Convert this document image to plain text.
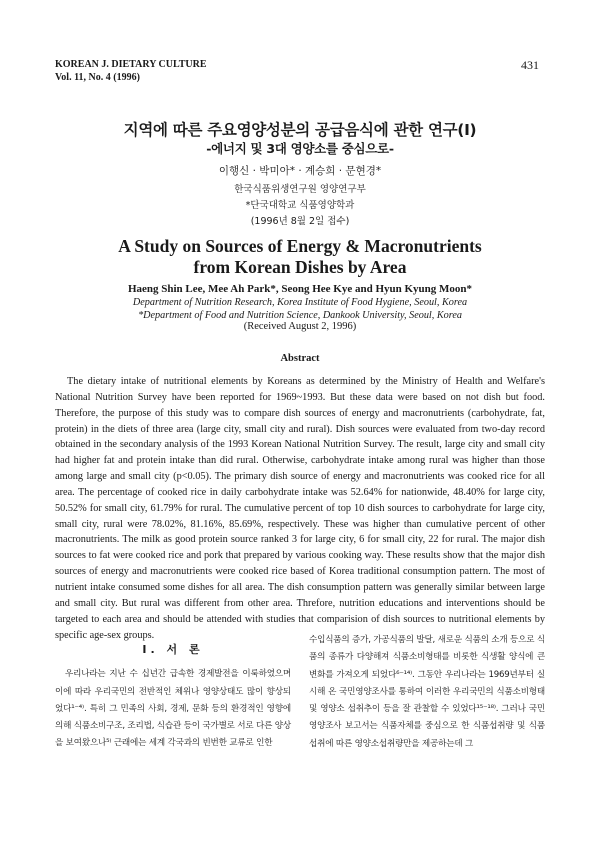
KOREAN J. DIETARY CULTURE
Vol. 11, No. 4 (1996)
431
지역에 따른 주요영양성분의 공급음식에 관한 연구(I)
-에너지 및 3대 영양소를 중심으로-
이행신 · 박미아* · 계승희 · 문현경*
한국식품위생연구원 영양연구부
*단국대학교 식품영양학과
(1996년 8월 2일 접수)
A Study on Sources of Energy & Macronutrients
from Korean Dishes by Area
Haeng Shin Lee, Mee Ah Park*, Seong Hee Kye and Hyun Kyung Moon*
Department of Nutrition Research, Korea Institute of Food Hygiene, Seoul, Korea
*Department of Food and Nutrition Science, Dankook University, Seoul, Korea
(Received August 2, 1996)
Abstract

The dietary intake of nutritional elements by Koreans as determined by the Ministry of Health and Welfare's National Nutrition Survey have been reported for 1969~1993. But these data were based on not dish but food. Therefore, the purpose of this study was to compare dish sources of energy and macronutrients (carbohydrate, fat, protein) in the diets of three area (large city, small city and rural). Dish sources were evaluated from two-day record obtained in the secondary analysis of the 1993 Korean National Nutrition Survey. The result, large city and small city had higher fat and protein intake than did rural. Otherwise, carbohydrate intake among rural was higher than those among large and small city (p<0.05). The primary dish source of energy and macronutrients was cooked rice for all area. The percentage of cooked rice in daily carbohydrate intake was 52.64% for nationwide, 48.40% for large city, 50.52% for small city, 61.79% for rural. The cumulative percent of top 10 dish sources to carbohydrate for large city, small city, rural were 78.02%, 81.16%, 85.69%, respectively. These was higher than cumulative percent of other macronutrients. The milk as good protein source ranked 3 for large city, 6 for small city, 22 for rural. The major dish sources to fat were cooked rice and pork that prepared by various cooking way. These results show that the major dish sources of energy and macronutrients were cooked rice based of Korea traditional consumption pattern. The most of nutrient intake consumed some dishes for all area. The dish consumption pattern was generally similar between large and small city. But rural was different from other area. Threfore, nutrition educations and interventions should be targeted to each area and should be attended with studies that comparision of dish sources to nutritional elements by specific age-sex groups.

I. 서 론

우리나라는 지난 수 십년간 급속한 경제발전을 이룩하였으며 이에 따라 우리국민의 전반적인 체위나 영양상태도 많이 향상되었다¹⁻⁴⁾. 특히 그 민족의 사회, 경제, 문화 등의 환경적인 영향에 의해 식품소비구조, 조리법, 식습관 등이 국가별로 서로 다른 양상을 보여왔으나⁵⁾ 근래에는 세계 각국과의 빈번한 교류로 인한

수입식품의 증가, 가공식품의 발달, 새로운 식품의 소개 등으로 식품의 종류가 다양해져 식품소비형태를 비롯한 식생활 양식에 큰 변화를 가져오게 되었다⁶⁻¹⁴⁾. 그동안 우리나라는 1969년부터 실시해 온 국민영양조사를 통하여 이러한 우리국민의 식품소비형태 및 영양소 섭취추이 등을 잘 관찰할 수 있었다¹⁵⁻¹⁸⁾. 그러나 국민영양조사 보고서는 식품자체를 중심으로 한 식품섭취량 및 식품섭취에 따른 영양소섭취량만을 제공하는데 그
